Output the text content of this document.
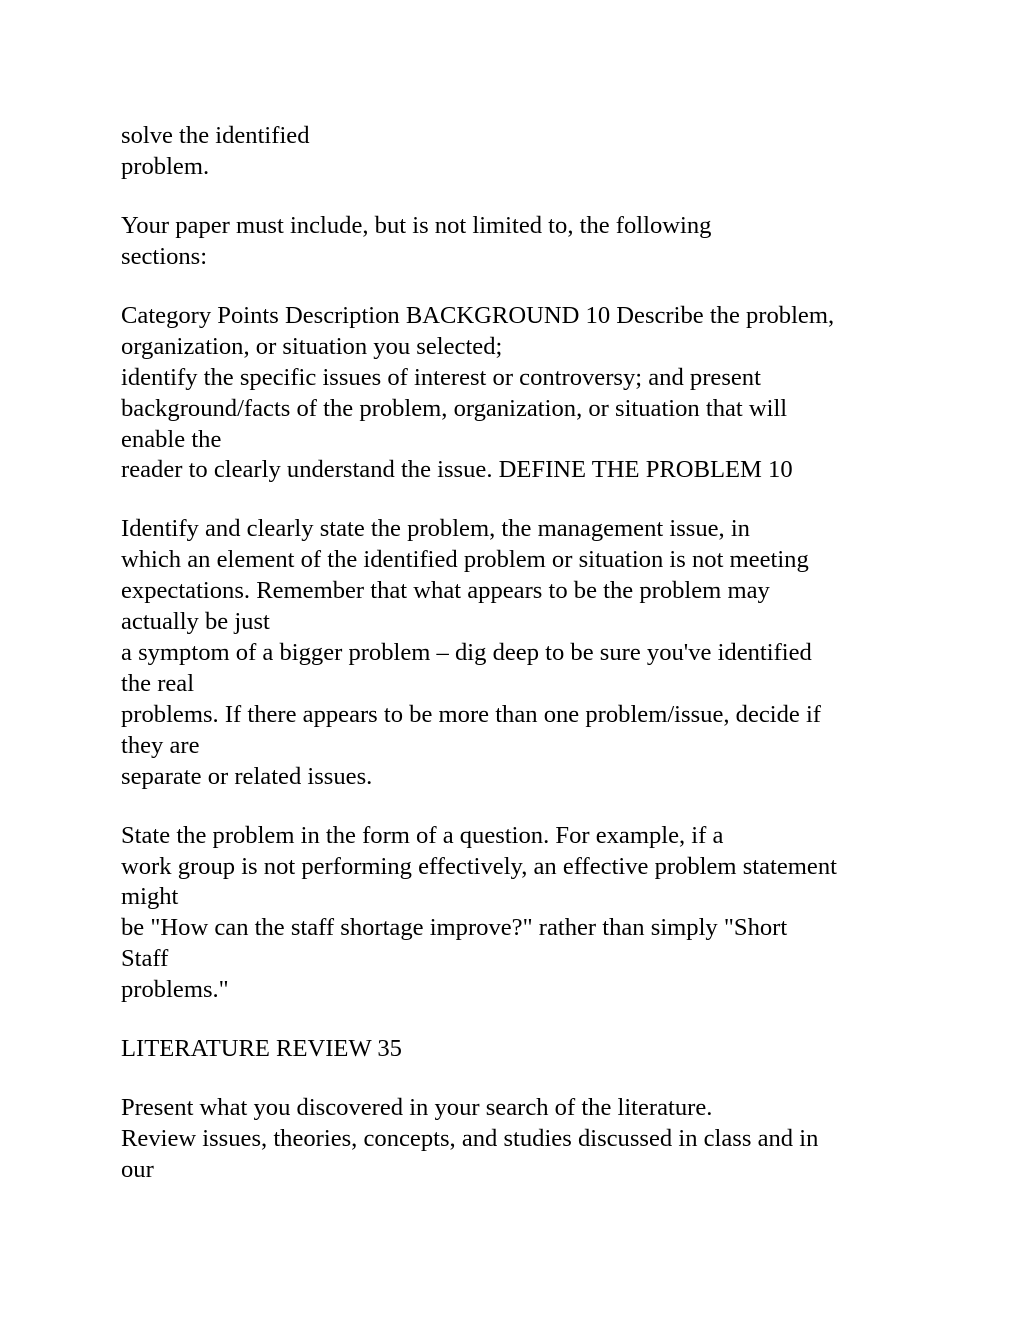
solve the identified
problem.

Your paper must include, but is not limited to, the following
sections:

Category Points Description BACKGROUND 10 Describe the problem,
organization, or situation you selected;
identify the specific issues of interest or controversy; and present
background/facts of the problem, organization, or situation that will
enable the
reader to clearly understand the issue. DEFINE THE PROBLEM 10

Identify and clearly state the problem, the management issue, in
which an element of the identified problem or situation is not meeting
expectations. Remember that what appears to be the problem may
actually be just
a symptom of a bigger problem – dig deep to be sure you've identified
the real
problems. If there appears to be more than one problem/issue, decide if
they are
separate or related issues.

State the problem in the form of a question. For example, if a
work group is not performing effectively, an effective problem statement
might
be "How can the staff shortage improve?" rather than simply "Short
Staff
problems."

LITERATURE REVIEW 35

Present what you discovered in your search of the literature.
Review issues, theories, concepts, and studies discussed in class and in
our
